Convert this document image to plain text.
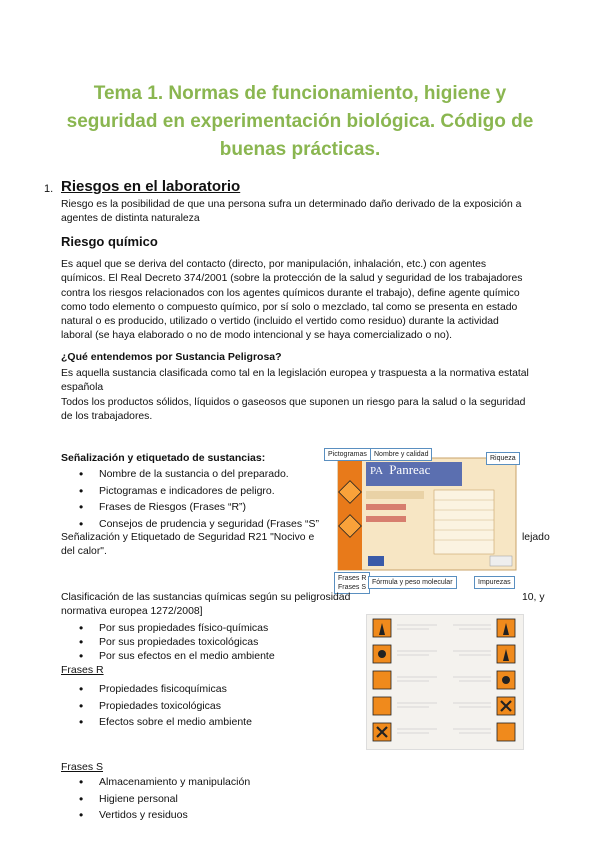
Tema 1. Normas de funcionamiento, higiene y
seguridad en experimentación biológica. Código de
buenas prácticas.
1. Riesgos en el laboratorio
Riesgo es la posibilidad de que una persona sufra un determinado daño derivado de la exposición a
agentes de distinta naturaleza
Riesgo químico
Es aquel que se deriva del contacto (directo, por manipulación, inhalación, etc.) con agentes
químicos. El Real Decreto 374/2001 (sobre la protección de la salud y seguridad de los trabajadores
contra los riesgos relacionados con los agentes químicos durante el trabajo), define agente químico
como todo elemento o compuesto químico, por sí solo o mezclado, tal como se presenta en estado
natural o es producido, utilizado o vertido (incluido el vertido como residuo) durante la actividad
laboral (se haya elaborado o no de modo intencional y se haya comercializado o no).
¿Qué entendemos por Sustancia Peligrosa?
Es aquella sustancia clasificada como tal en la legislación europea y traspuesta a la normativa estatal
española
Todos los productos sólidos, líquidos o gaseosos que suponen un riesgo para la salud o la seguridad
de los trabajadores.
Señalización y etiquetado de sustancias:
• Nombre de la sustancia o del preparado.
• Pictogramas e indicadores de peligro.
• Frases de Riesgos (Frases “R”)
• Consejos de prudencia y seguridad (Frases “S”
Señalización y Etiquetado de Seguridad R21 "Nocivo e	lejado
del calor".
PA Panreac
Pictogramas	Nombre y calidad
Riqueza
Frases R
Frases S
Fórmula y peso molecular	Impurezas
Clasificación de las sustancias químicas según su peligrosidad	10, y
normativa europea 1272/2008]
• Por sus propiedades físico-químicas
• Por sus propiedades toxicológicas
• Por sus efectos en el medio ambiente
Frases R
• Propiedades fisicoquímicas
• Propiedades toxicológicas
• Efectos sobre el medio ambiente
Frases S
• Almacenamiento y manipulación
• Higiene personal
• Vertidos y residuos
